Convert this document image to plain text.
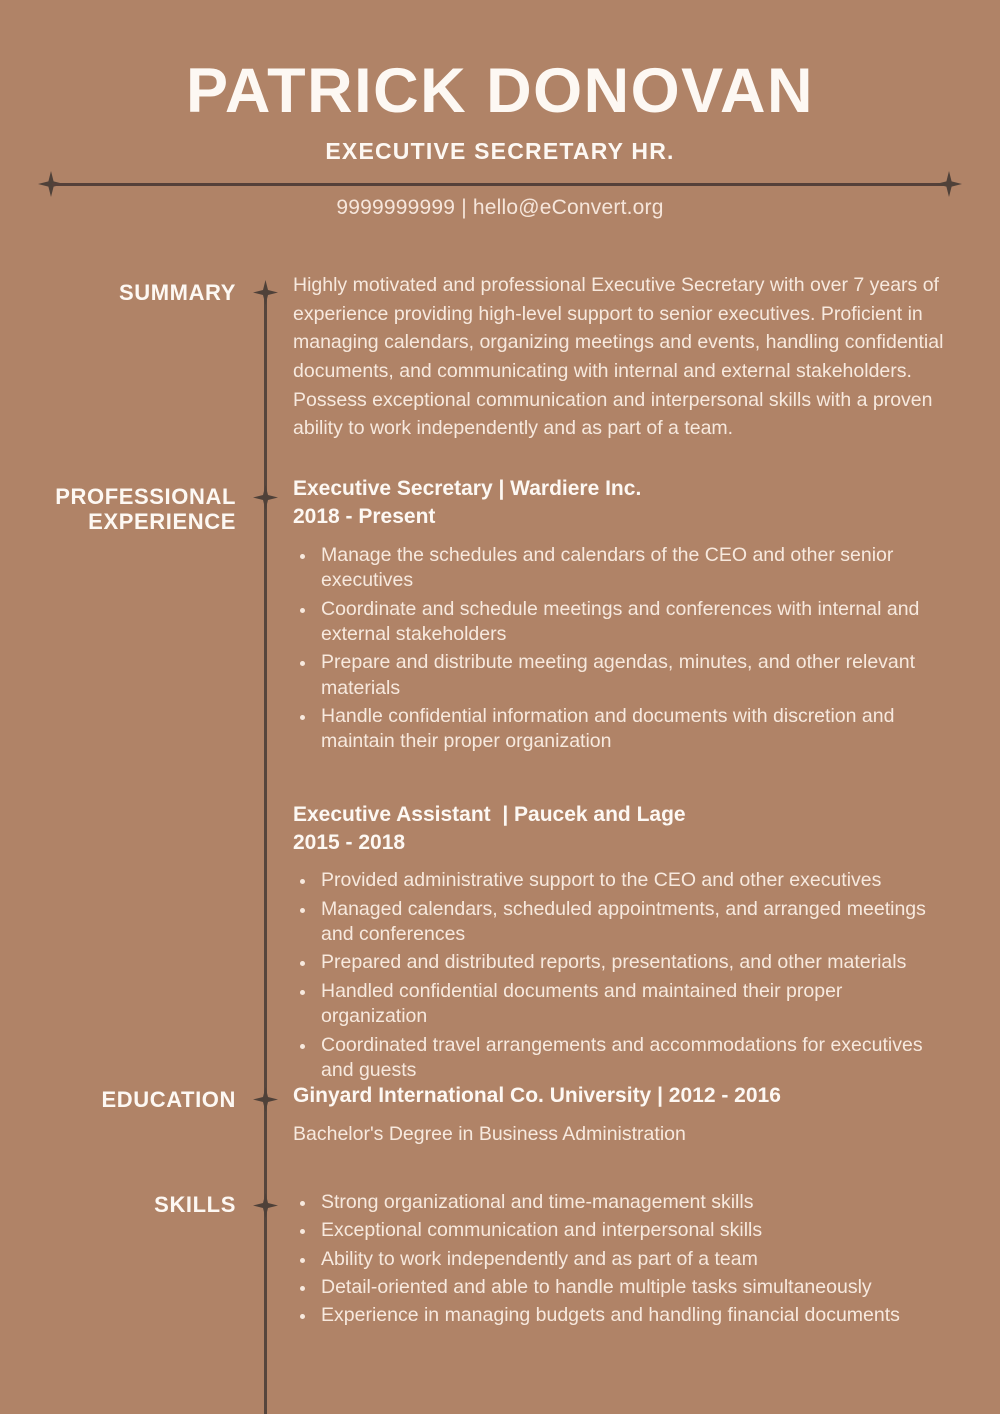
PATRICK DONOVAN
EXECUTIVE SECRETARY HR.
9999999999 | hello@eConvert.org
SUMMARY	Highly motivated and professional Executive Secretary with over 7 years of experience providing high-level support to senior executives. Proficient in managing calendars, organizing meetings and events, handling confidential documents, and communicating with internal and external stakeholders. Possess exceptional communication and interpersonal skills with a proven ability to work independently and as part of a team.

PROFESSIONAL
EXPERIENCE
Executive Secretary | Wardiere Inc.
2018 - Present
Manage the schedules and calendars of the CEO and other senior executives
Coordinate and schedule meetings and conferences with internal and external stakeholders
Prepare and distribute meeting agendas, minutes, and other relevant materials
Handle confidential information and documents with discretion and maintain their proper organization
Executive Assistant  | Paucek and Lage
2015 - 2018
Provided administrative support to the CEO and other executives
Managed calendars, scheduled appointments, and arranged meetings and conferences
Prepared and distributed reports, presentations, and other materials
Handled confidential documents and maintained their proper organization
Coordinated travel arrangements and accommodations for executives and guests
EDUCATION	Ginyard International Co. University | 2012 - 2016

Bachelor's Degree in Business Administration

SKILLS	Strong organizational and time-management skills
Exceptional communication and interpersonal skills
Ability to work independently and as part of a team
Detail-oriented and able to handle multiple tasks simultaneously
Experience in managing budgets and handling financial documents
